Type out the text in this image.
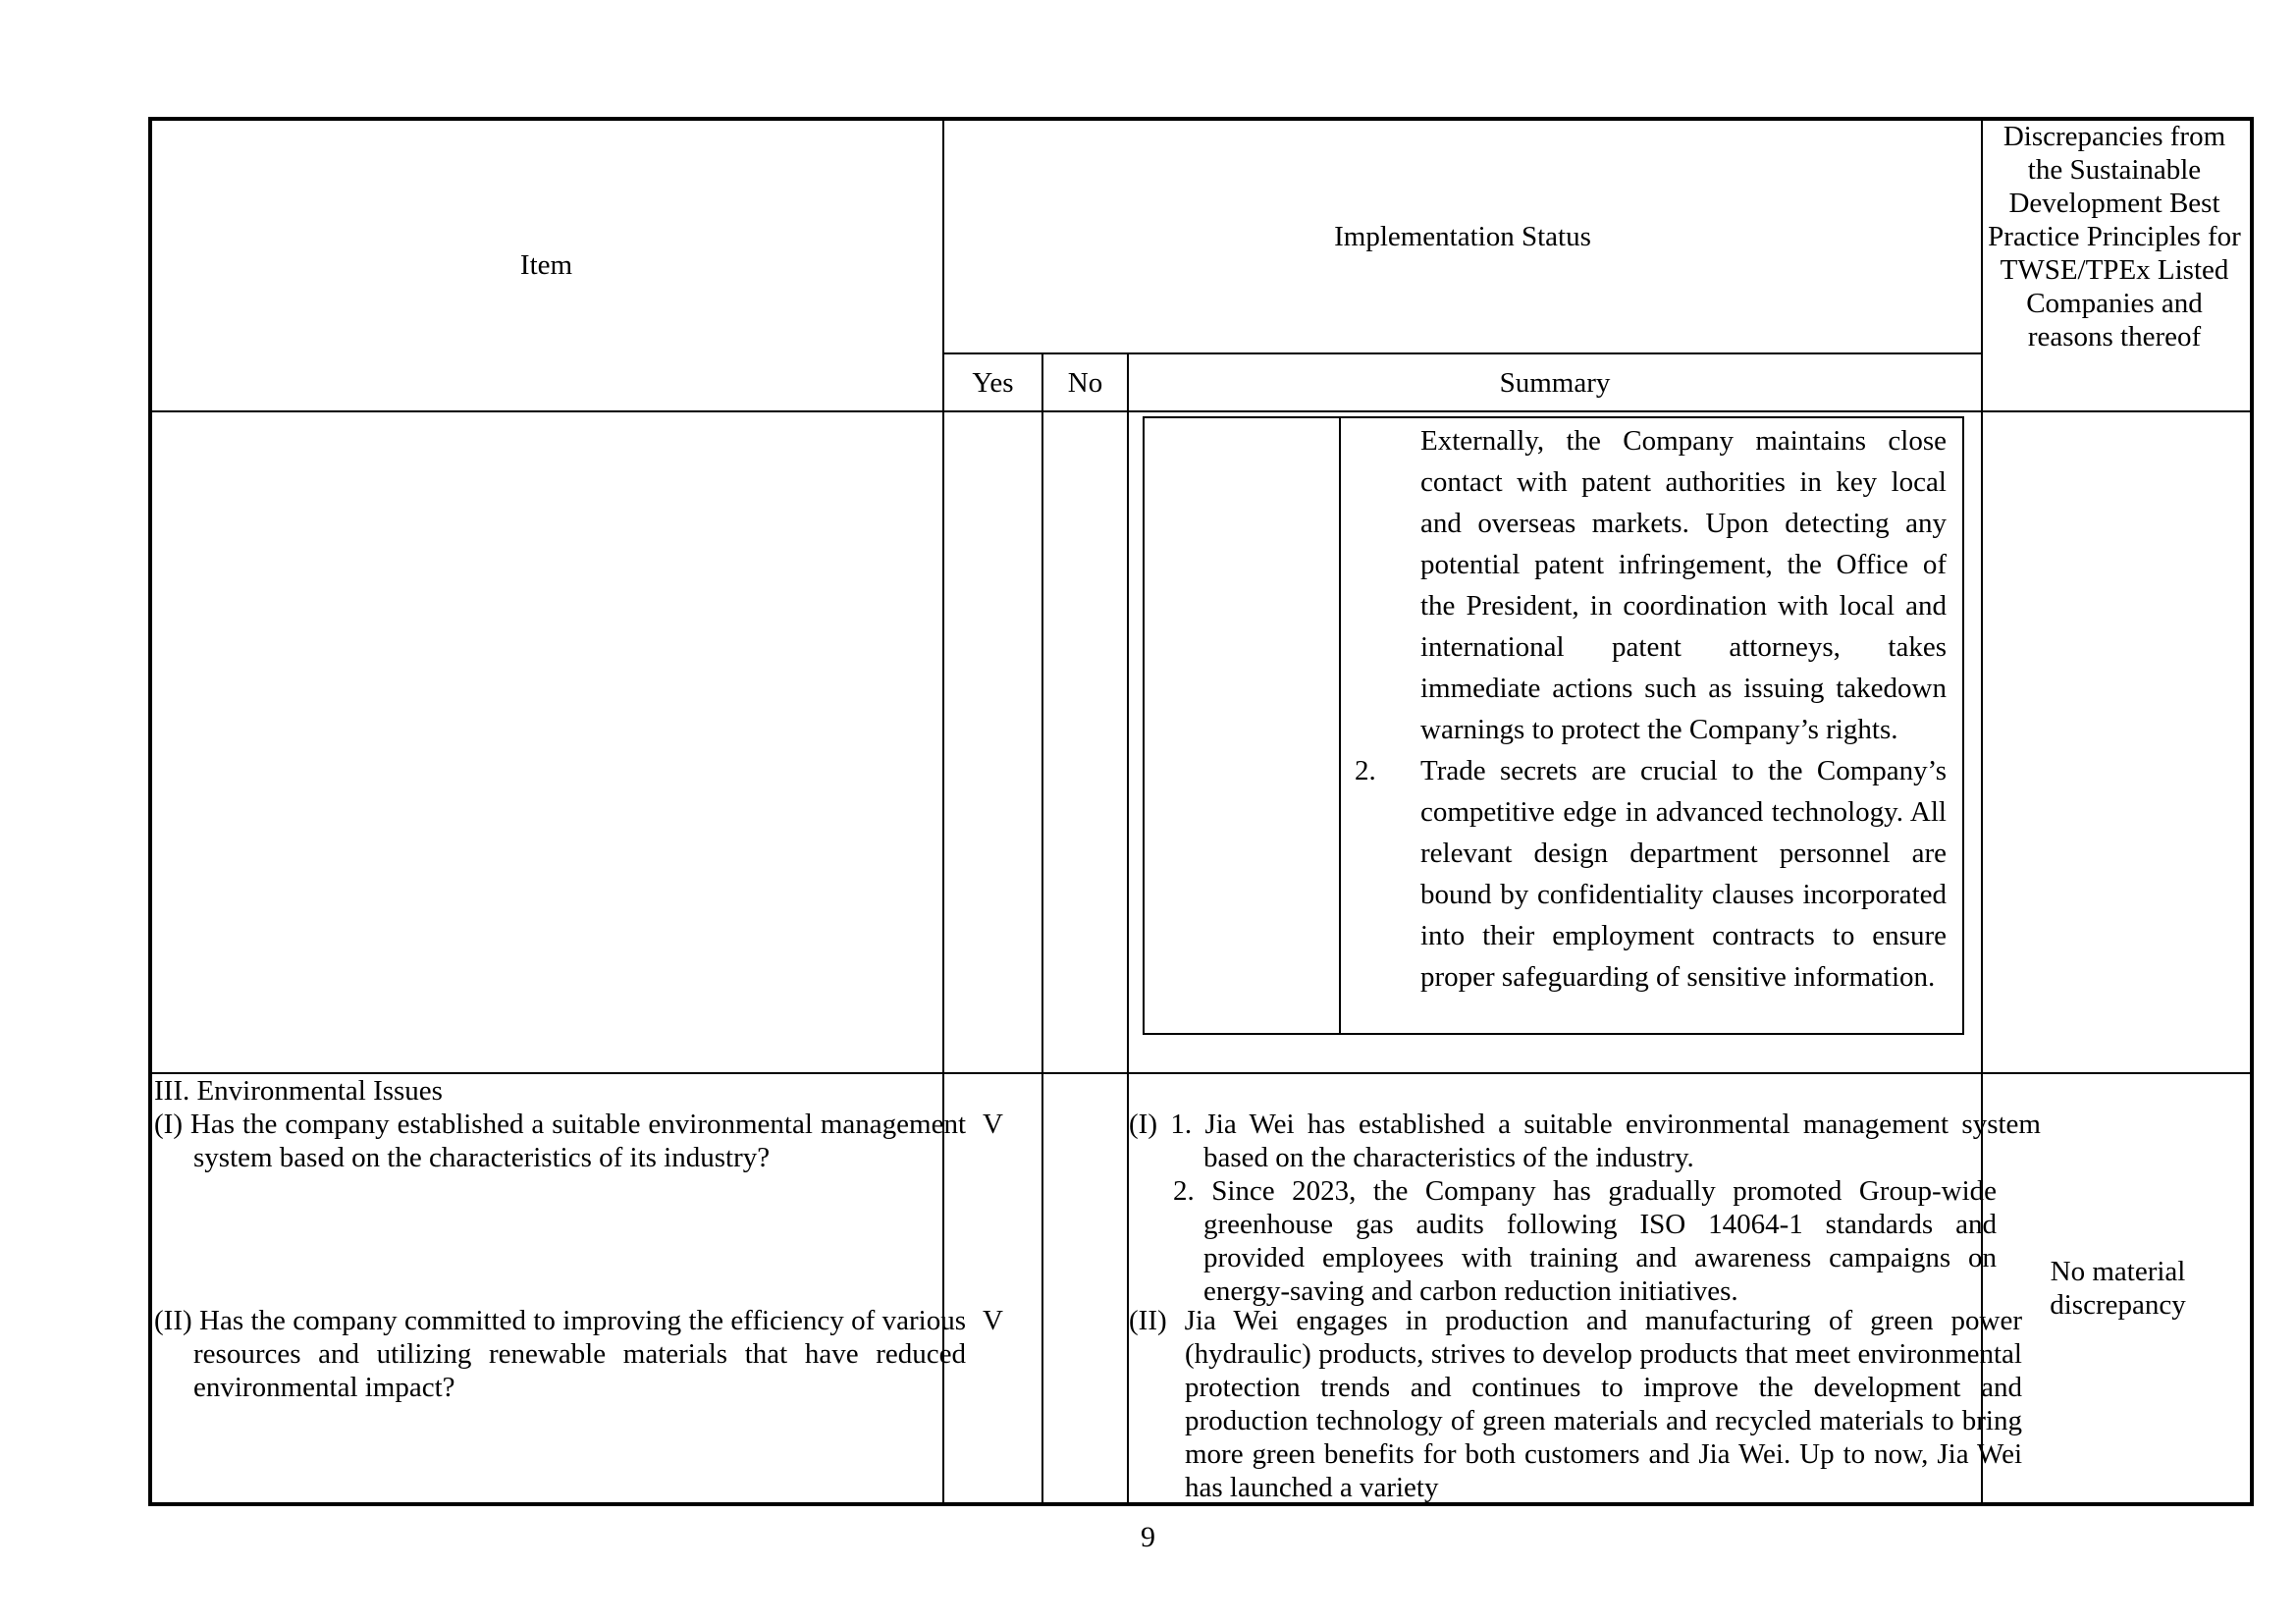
Item
Implementation Status
Yes	No	Summary
Discrepancies from the Sustainable Development Best Practice Principles for TWSE/TPEx Listed Companies and reasons thereof
Externally, the Company maintains close contact with patent authorities in key local and overseas markets. Upon detecting any potential patent infringement, the Office of the President, in coordination with local and international patent attorneys, takes immediate actions such as issuing takedown warnings to protect the Company’s rights.
2. Trade secrets are crucial to the Company’s competitive edge in advanced technology. All relevant design department personnel are bound by confidentiality clauses incorporated into their employment contracts to ensure proper safeguarding of sensitive information.
III. Environmental Issues
(I) Has the company established a suitable environmental management system based on the characteristics of its industry?
(II) Has the company committed to improving the efficiency of various resources and utilizing renewable materials that have reduced environmental impact?
V
V
(I) 1. Jia Wei has established a suitable environmental management system based on the characteristics of the industry.
2. Since 2023, the Company has gradually promoted Group-wide greenhouse gas audits following ISO 14064-1 standards and provided employees with training and awareness campaigns on energy-saving and carbon reduction initiatives.
(II) Jia Wei engages in production and manufacturing of green power (hydraulic) products, strives to develop products that meet environmental protection trends and continues to improve the development and production technology of green materials and recycled materials to bring more green benefits for both customers and Jia Wei. Up to now, Jia Wei has launched a variety
No material discrepancy
9
